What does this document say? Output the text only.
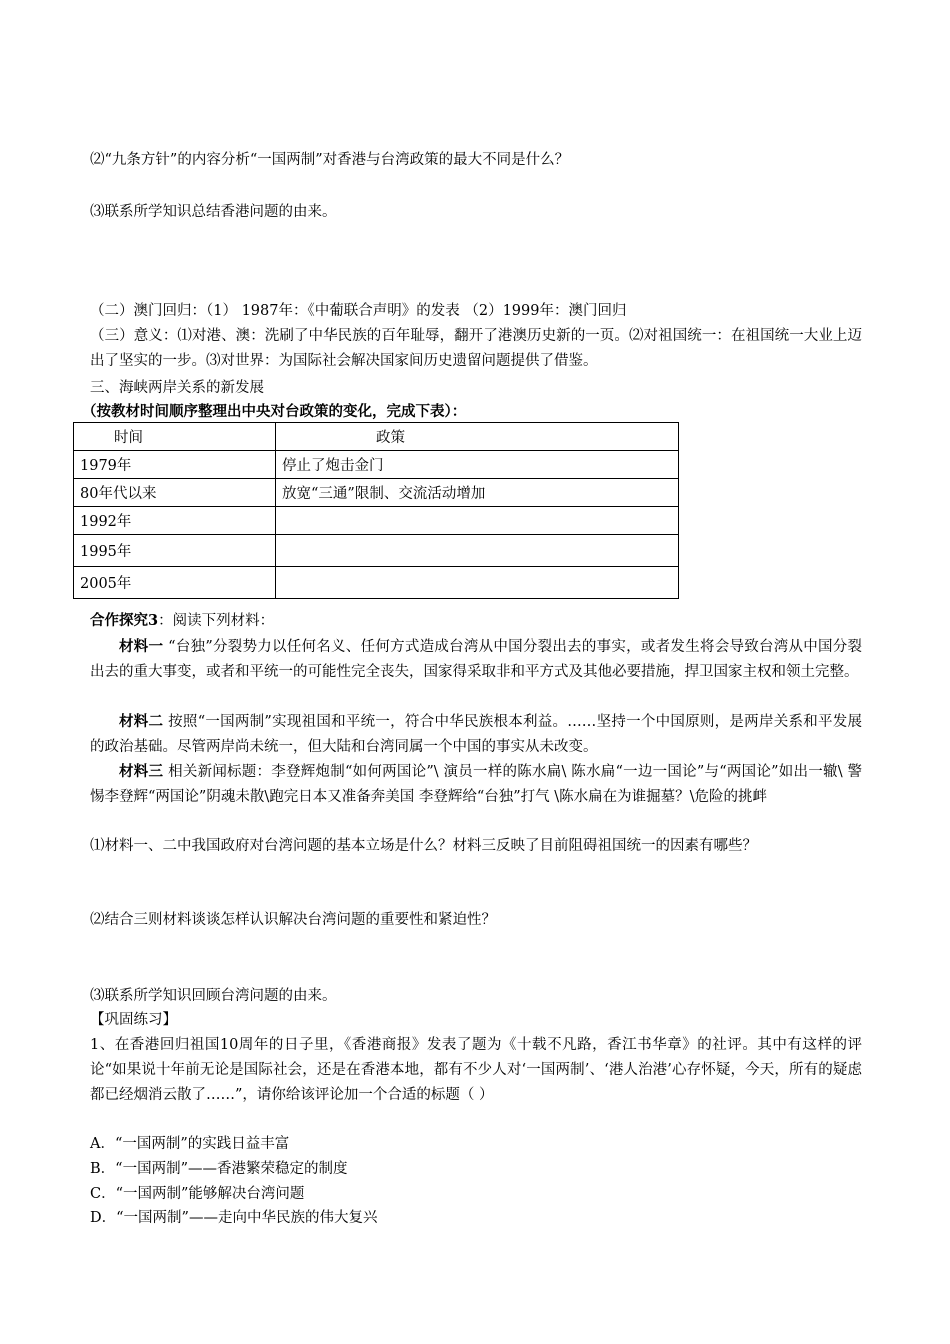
⑵“九条方针”的内容分析“一国两制”对香港与台湾政策的最大不同是什么？
⑶联系所学知识总结香港问题的由来。
（二）澳门回归：（1） 1987年：《中葡联合声明》的发表 （2）1999年：澳门回归
（三）意义：⑴对港、澳：洗刷了中华民族的百年耻辱，翻开了港澳历史新的一页。⑵对祖国统一：在祖国统一大业上迈出了坚实的一步。⑶对世界：为国际社会解决国家间历史遗留问题提供了借鉴。
三、海峡两岸关系的新发展
（按教材时间顺序整理出中央对台政策的变化，完成下表）：
时间	政策
1979年	停止了炮击金门
80年代以来	放宽“三通”限制、交流活动增加
1992年	
1995年	
2005年	
合作探究3：阅读下列材料：
材料一 “台独”分裂势力以任何名义、任何方式造成台湾从中国分裂出去的事实，或者发生将会导致台湾从中国分裂出去的重大事变，或者和平统一的可能性完全丧失，国家得采取非和平方式及其他必要措施，捍卫国家主权和领土完整。
材料二 按照“一国两制”实现祖国和平统一，符合中华民族根本利益。……坚持一个中国原则，是两岸关系和平发展的政治基础。尽管两岸尚未统一，但大陆和台湾同属一个中国的事实从未改变。
材料三 相关新闻标题：李登辉炮制“如何两国论”\ 演员一样的陈水扁\ 陈水扁“一边一国论”与“两国论”如出一辙\ 警惕李登辉“两国论”阴魂未散\跑完日本又准备奔美国 李登辉给“台独”打气 \陈水扁在为谁掘墓？\危险的挑衅
⑴材料一、二中我国政府对台湾问题的基本立场是什么？材料三反映了目前阻碍祖国统一的因素有哪些？
⑵结合三则材料谈谈怎样认识解决台湾问题的重要性和紧迫性？
⑶联系所学知识回顾台湾问题的由来。
【巩固练习】
1、在香港回归祖国10周年的日子里，《香港商报》发表了题为《十载不凡路，香江书华章》的社评。其中有这样的评论“如果说十年前无论是国际社会，还是在香港本地，都有不少人对‘一国两制’、‘港人治港’心存怀疑，今天，所有的疑虑都已经烟消云散了……”，请你给该评论加一个合适的标题（ ）
A．“一国两制”的实践日益丰富
B．“一国两制”——香港繁荣稳定的制度
C．“一国两制”能够解决台湾问题
D．“一国两制”——走向中华民族的伟大复兴
